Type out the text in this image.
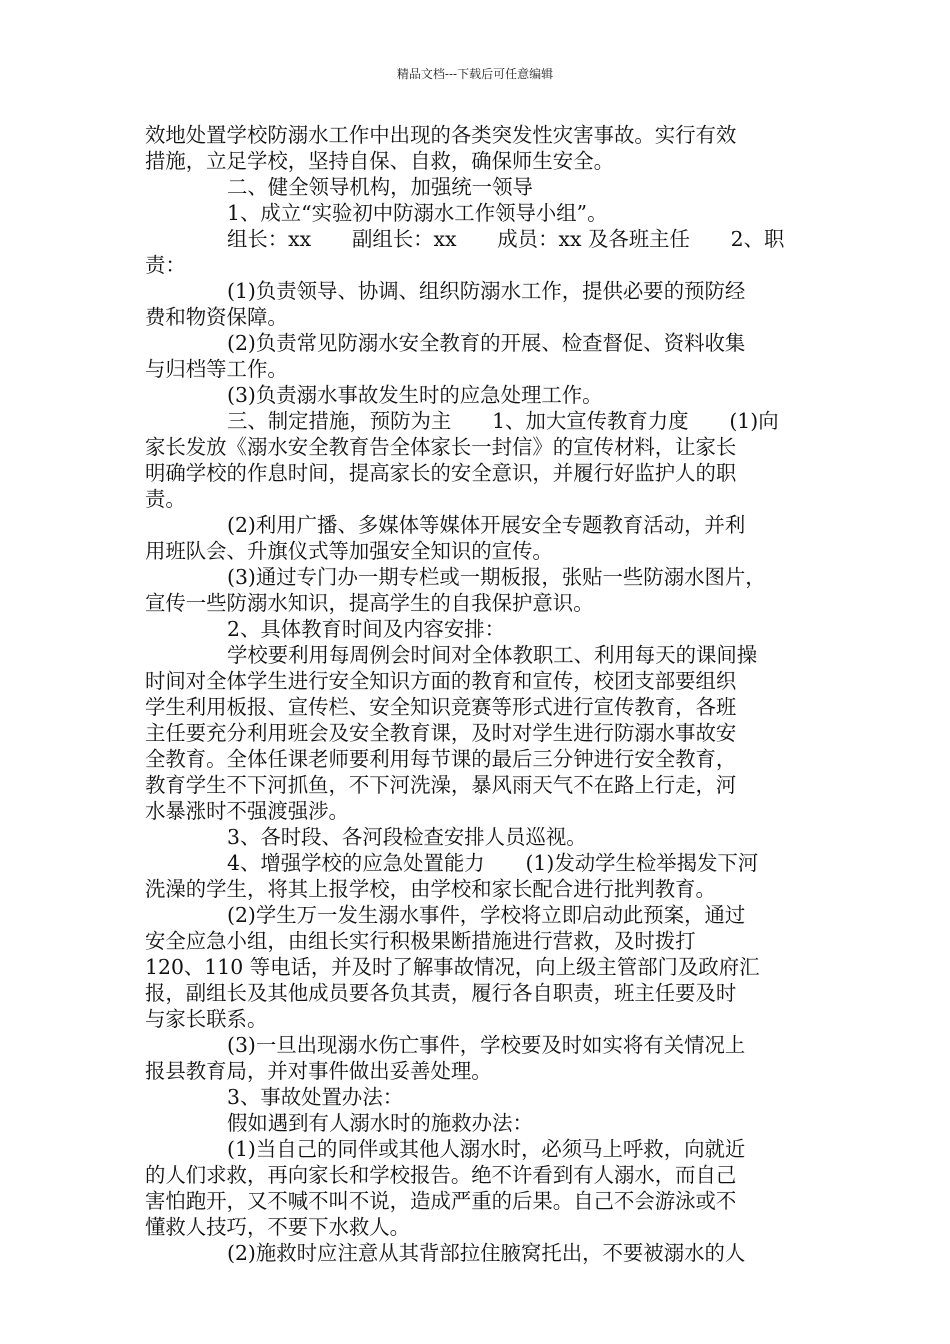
精品文档---下载后可任意编辑
效地处置学校防溺水工作中出现的各类突发性灾害事故。实行有效
措施，立足学校，坚持自保、自救，确保师生安全。
二、健全领导机构，加强统一领导
1、成立“实验初中防溺水工作领导小组”。
组长：xx　　副组长：xx　　成员：xx 及各班主任　　2、职
责：
(1)负责领导、协调、组织防溺水工作，提供必要的预防经
费和物资保障。
(2)负责常见防溺水安全教育的开展、检查督促、资料收集
与归档等工作。
(3)负责溺水事故发生时的应急处理工作。
三、制定措施，预防为主　　1、加大宣传教育力度　　(1)向
家长发放《溺水安全教育告全体家长一封信》的宣传材料，让家长
明确学校的作息时间，提高家长的安全意识，并履行好监护人的职
责。
(2)利用广播、多媒体等媒体开展安全专题教育活动，并利
用班队会、升旗仪式等加强安全知识的宣传。
(3)通过专门办一期专栏或一期板报，张贴一些防溺水图片，
宣传一些防溺水知识，提高学生的自我保护意识。
2、具体教育时间及内容安排：
学校要利用每周例会时间对全体教职工、利用每天的课间操
时间对全体学生进行安全知识方面的教育和宣传，校团支部要组织
学生利用板报、宣传栏、安全知识竞赛等形式进行宣传教育，各班
主任要充分利用班会及安全教育课，及时对学生进行防溺水事故安
全教育。全体任课老师要利用每节课的最后三分钟进行安全教育，
教育学生不下河抓鱼，不下河洗澡，暴风雨天气不在路上行走，河
水暴涨时不强渡强涉。
3、各时段、各河段检查安排人员巡视。
4、增强学校的应急处置能力　　(1)发动学生检举揭发下河
洗澡的学生，将其上报学校，由学校和家长配合进行批判教育。
(2)学生万一发生溺水事件，学校将立即启动此预案，通过
安全应急小组，由组长实行积极果断措施进行营救，及时拨打
120、110 等电话，并及时了解事故情况，向上级主管部门及政府汇
报，副组长及其他成员要各负其责，履行各自职责，班主任要及时
与家长联系。
(3)一旦出现溺水伤亡事件，学校要及时如实将有关情况上
报县教育局，并对事件做出妥善处理。
3、事故处置办法：
假如遇到有人溺水时的施救办法：
(1)当自己的同伴或其他人溺水时，必须马上呼救，向就近
的人们求救，再向家长和学校报告。绝不许看到有人溺水，而自己
害怕跑开，又不喊不叫不说，造成严重的后果。自己不会游泳或不
懂救人技巧，不要下水救人。
(2)施救时应注意从其背部拉住腋窝托出，不要被溺水的人
